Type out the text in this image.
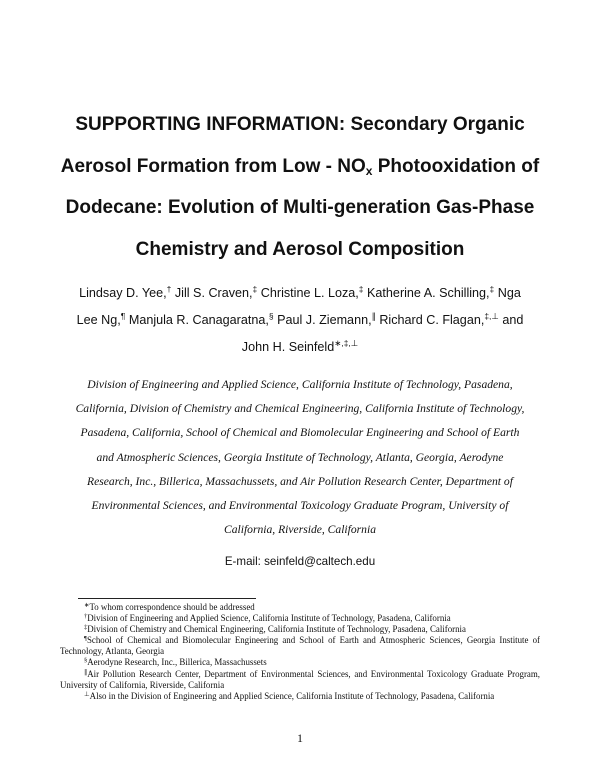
SUPPORTING INFORMATION: Secondary Organic
Aerosol Formation from Low - $NO_x$ Photooxidation of
Dodecane: Evolution of Multi-generation Gas-Phase
Chemistry and Aerosol Composition
Lindsay D. Yee,† Jill S. Craven,‡ Christine L. Loza,‡ Katherine A. Schilling,‡ Nga
Lee Ng,¶ Manjula R. Canagaratna,§ Paul J. Ziemann,∥ Richard C. Flagan,‡,⊥ and
John H. Seinfeld∗,‡,⊥
Division of Engineering and Applied Science, California Institute of Technology, Pasadena,
California, Division of Chemistry and Chemical Engineering, California Institute of Technology,
Pasadena, California, School of Chemical and Biomolecular Engineering and School of Earth
and Atmospheric Sciences, Georgia Institute of Technology, Atlanta, Georgia, Aerodyne
Research, Inc., Billerica, Massachussets, and Air Pollution Research Center, Department of
Environmental Sciences, and Environmental Toxicology Graduate Program, University of
California, Riverside, California
E-mail: seinfeld@caltech.edu
∗To whom correspondence should be addressed
†Division of Engineering and Applied Science, California Institute of Technology, Pasadena, California
‡Division of Chemistry and Chemical Engineering, California Institute of Technology, Pasadena, California
¶School of Chemical and Biomolecular Engineering and School of Earth and Atmospheric Sciences, Georgia Institute of Technology, Atlanta, Georgia
§Aerodyne Research, Inc., Billerica, Massachussets
∥Air Pollution Research Center, Department of Environmental Sciences, and Environmental Toxicology Graduate Program, University of California, Riverside, California
⊥Also in the Division of Engineering and Applied Science, California Institute of Technology, Pasadena, California
1
